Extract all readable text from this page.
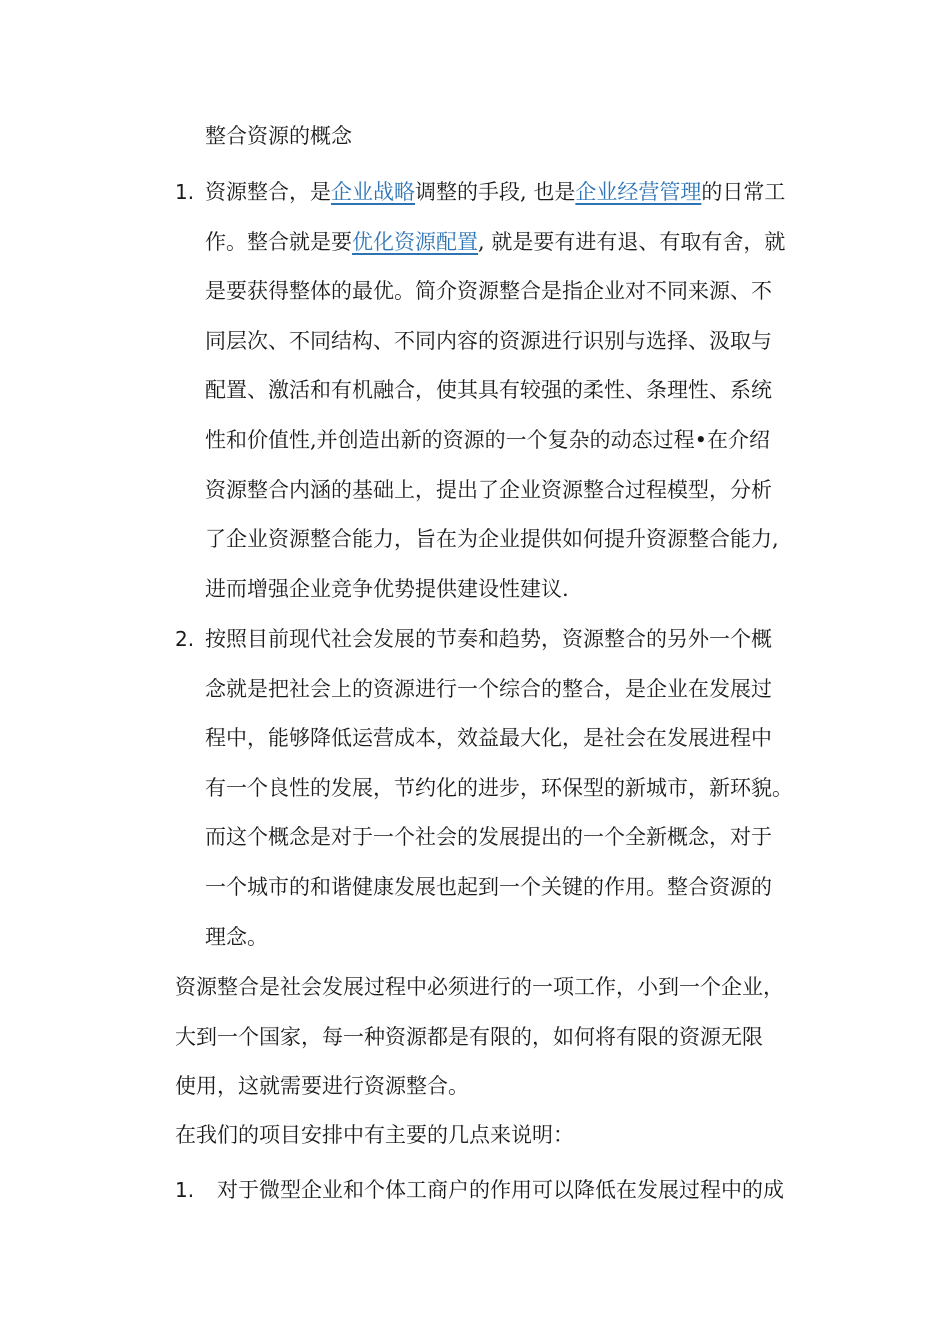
整合资源的概念
1. 资源整合，是企业战略调整的手段, 也是企业经营管理的日常工
作。整合就是要优化资源配置, 就是要有进有退、有取有舍，就
是要获得整体的最优。简介资源整合是指企业对不同来源、不
同层次、不同结构、不同内容的资源进行识别与选择、汲取与
配置、激活和有机融合，使其具有较强的柔性、条理性、系统
性和价值性,并创造出新的资源的一个复杂的动态过程•在介绍
资源整合内涵的基础上，提出了企业资源整合过程模型，分析
了企业资源整合能力，旨在为企业提供如何提升资源整合能力,
进而增强企业竞争优势提供建设性建议.
2. 按照目前现代社会发展的节奏和趋势，资源整合的另外一个概
念就是把社会上的资源进行一个综合的整合，是企业在发展过
程中，能够降低运营成本，效益最大化，是社会在发展进程中
有一个良性的发展，节约化的进步，环保型的新城市，新环貌。
而这个概念是对于一个社会的发展提出的一个全新概念，对于
一个城市的和谐健康发展也起到一个关键的作用。整合资源的
理念。
资源整合是社会发展过程中必须进行的一项工作，小到一个企业，
大到一个国家，每一种资源都是有限的，如何将有限的资源无限
使用，这就需要进行资源整合。
在我们的项目安排中有主要的几点来说明：
1. 对于微型企业和个体工商户的作用可以降低在发展过程中的成
